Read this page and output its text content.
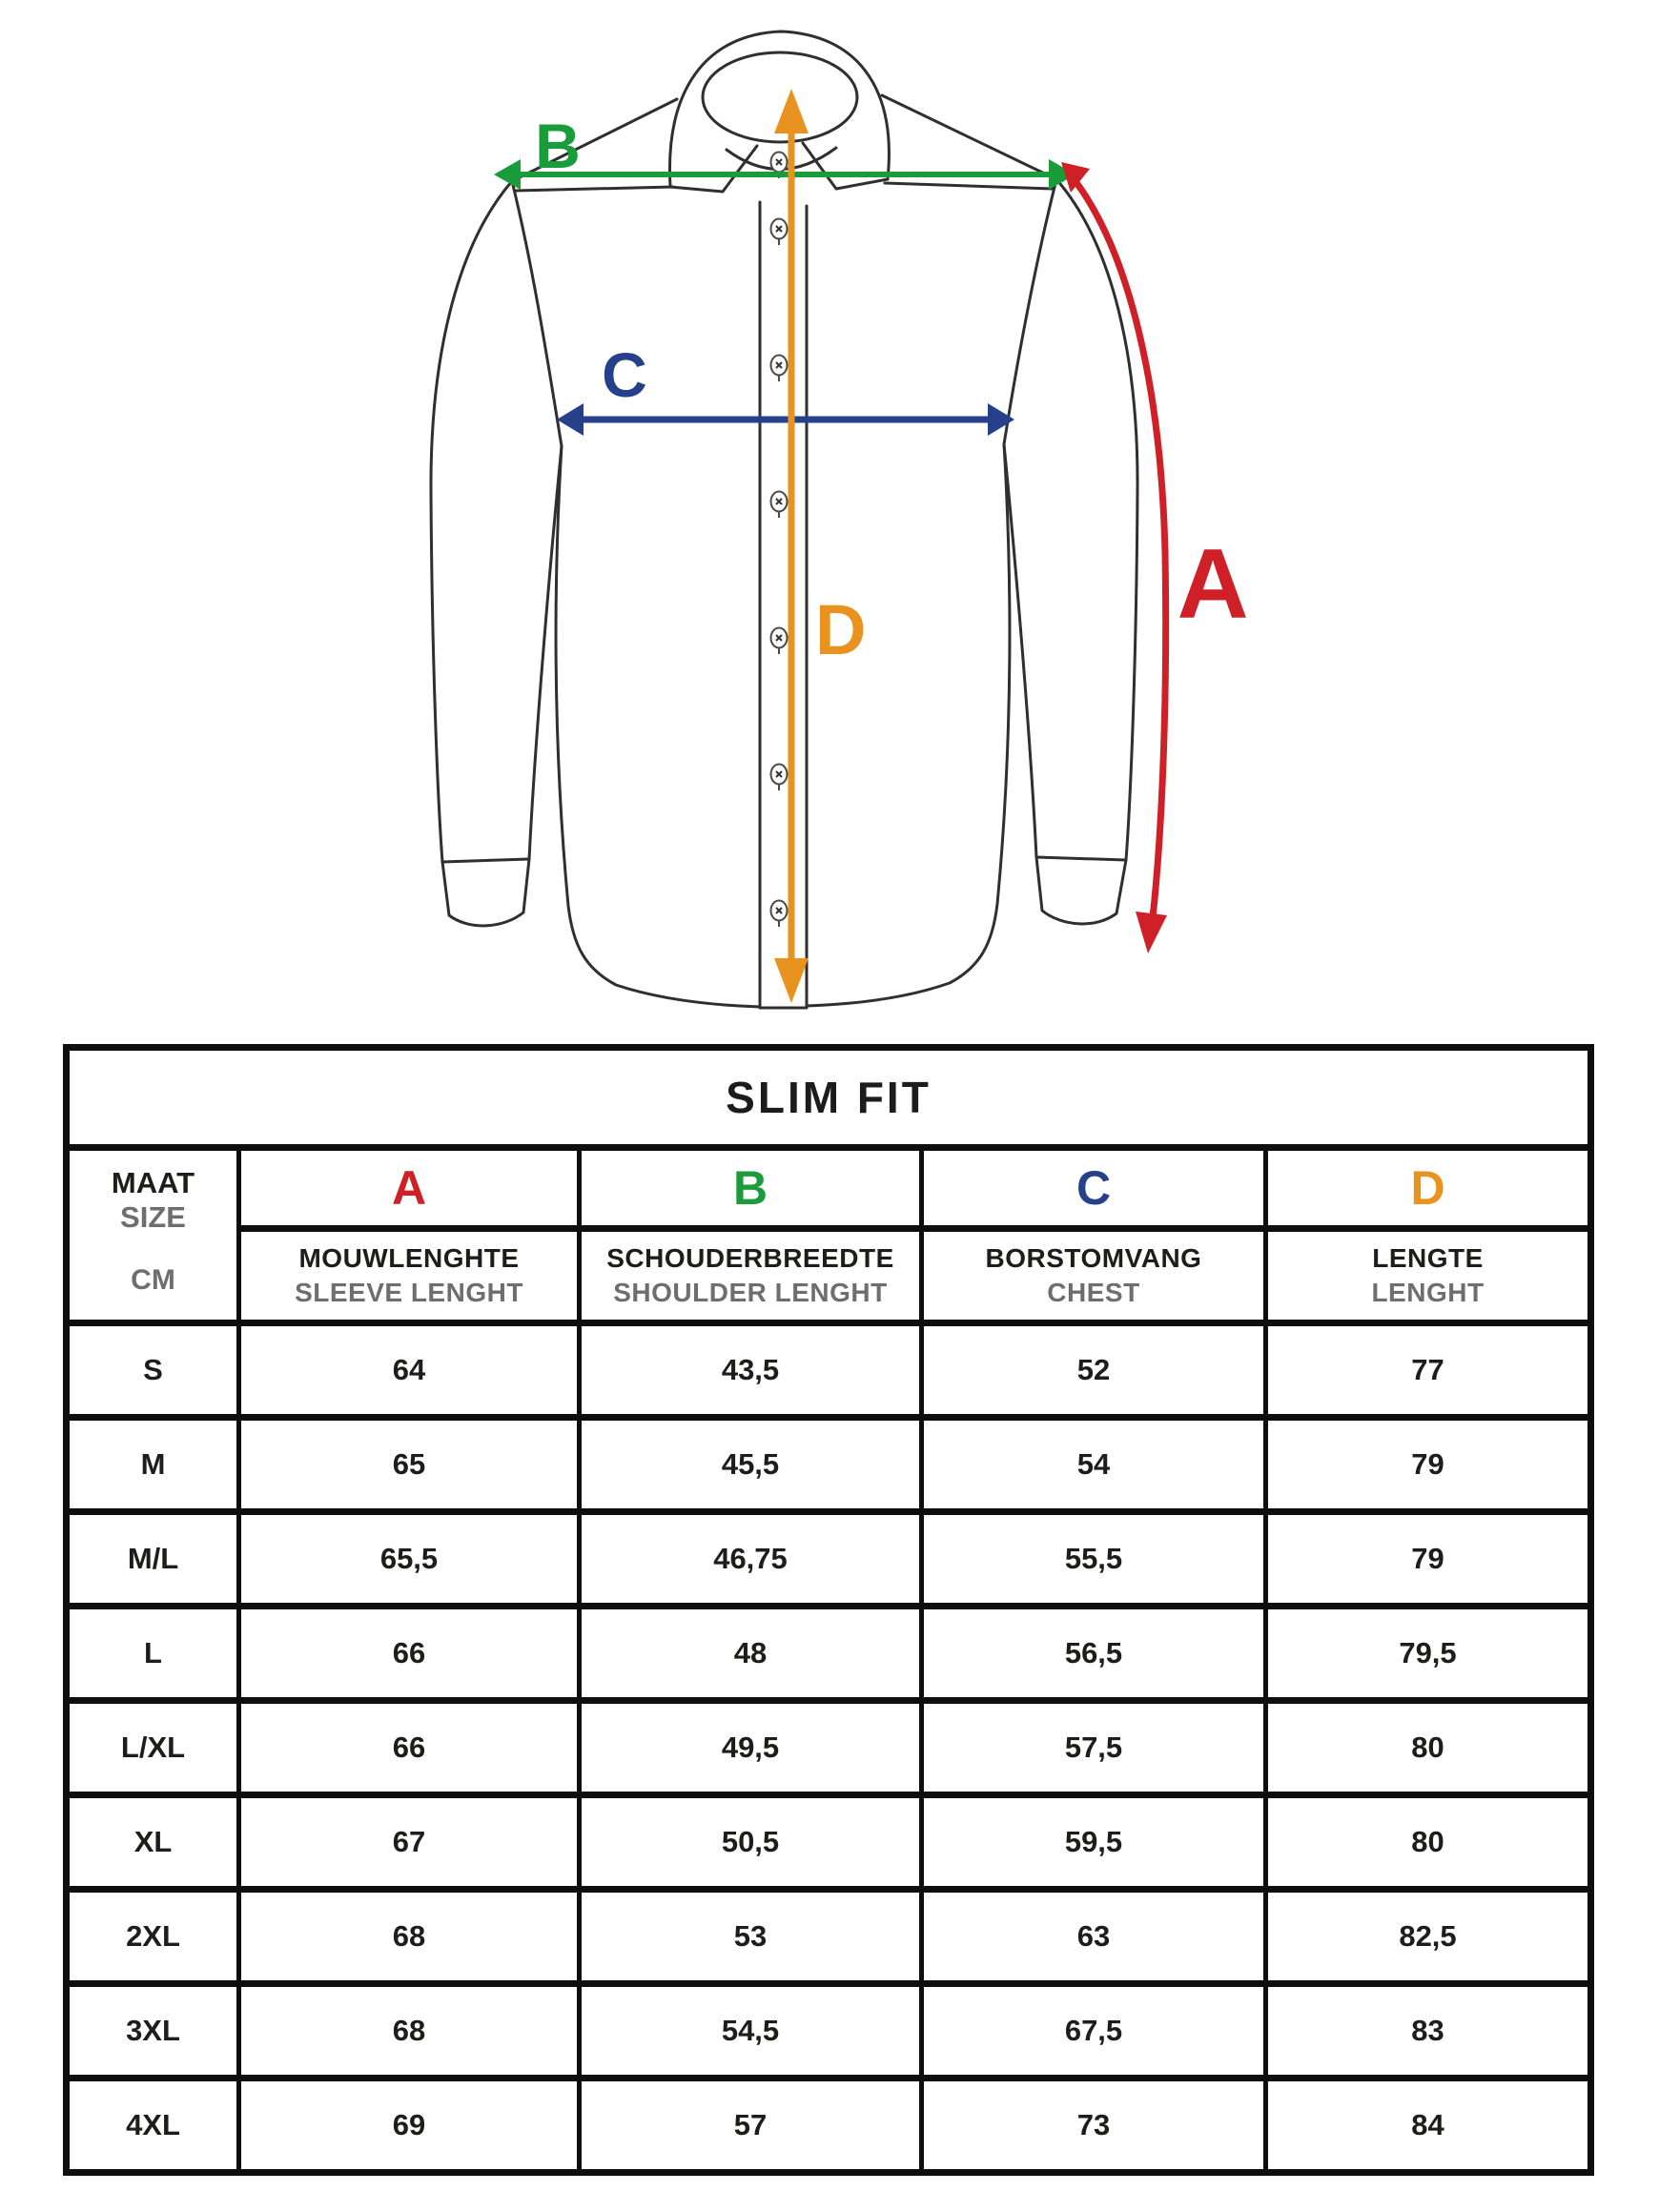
B
C
D	A
SLIM FIT
MAAT
SIZE
CM
A	B	C	D
MOUWLENGHTE
SLEEVE LENGHT
SCHOUDERBREEDTE
SHOULDER LENGHT
BORSTOMVANG
CHEST
LENGTE
LENGHT
S	64	43,5	52	77
M	65	45,5	54	79
M/L	65,5	46,75	55,5	79
L	66	48	56,5	79,5
L/XL	66	49,5	57,5	80
XL	67	50,5	59,5	80
2XL	68	53	63	82,5
3XL	68	54,5	67,5	83
4XL	69	57	73	84
